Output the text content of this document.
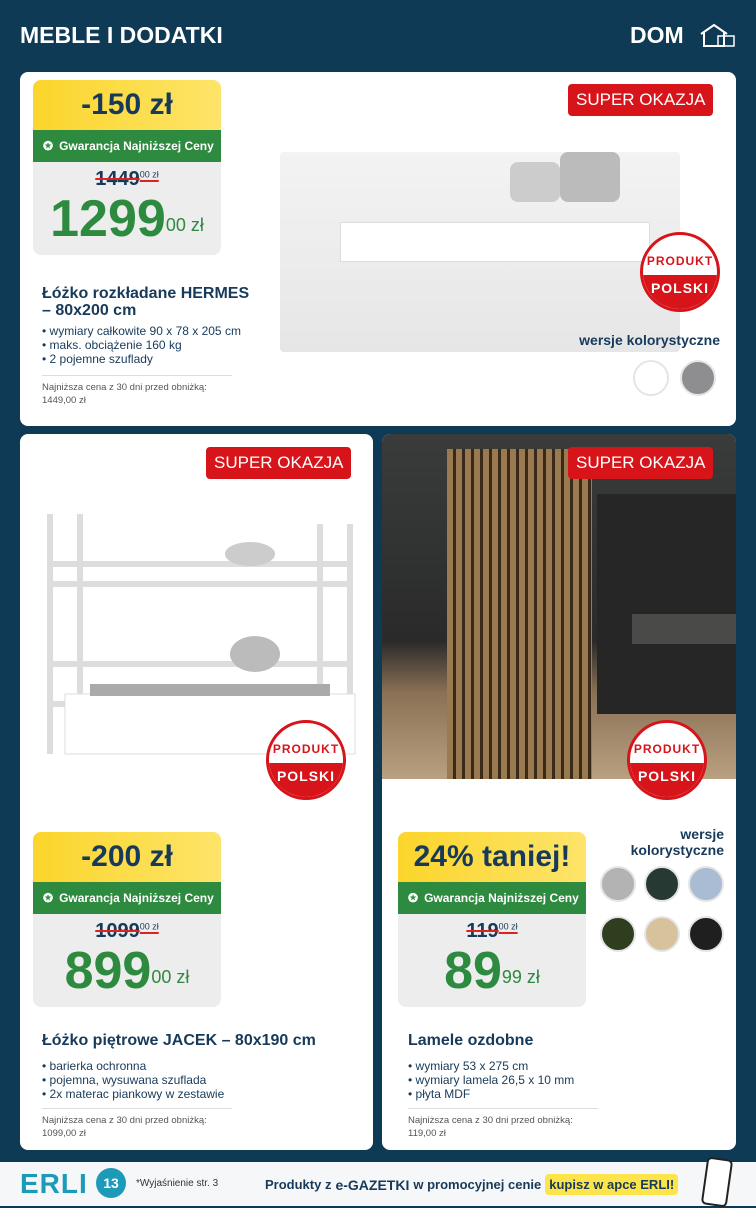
MEBLE I DODATKI	DOM
-150 zł
✪ Gwarancja Najniższej Ceny
$1449^{00 zł}$
$1299^{00 zł}$
SUPER OKAZJA
PRODUKT
POLSKI
wersje kolorystyczne
Łóżko rozkładane HERMES
– 80x200 cm
• wymiary całkowite 90 x 78 x 205 cm
• maks. obciążenie 160 kg
• 2 pojemne szuflady
Najniższa cena z 30 dni przed obniżką:
1449,00 zł
SUPER OKAZJA
PRODUKT
POLSKI
-200 zł
✪ Gwarancja Najniższej Ceny
$1099^{00 zł}$
$899^{00 zł}$
Łóżko piętrowe JACEK – 80x190 cm
• barierka ochronna
• pojemna, wysuwana szuflada
• 2x materac piankowy w zestawie
Najniższa cena z 30 dni przed obniżką:
1099,00 zł
SUPER OKAZJA
PRODUKT
POLSKI
24% taniej!
✪ Gwarancja Najniższej Ceny
$119^{00 zł}$
$89^{99 zł}$
wersje
kolorystyczne
Lamele ozdobne
• wymiary 53 x 275 cm
• wymiary lamela 26,5 x 10 mm
• płyta MDF
Najniższa cena z 30 dni przed obniżką:
119,00 zł
ERLI	13	*Wyjaśnienie str. 3	Produkty z e-GAZETKI w promocyjnej cenie kupisz w apce ERLI!
